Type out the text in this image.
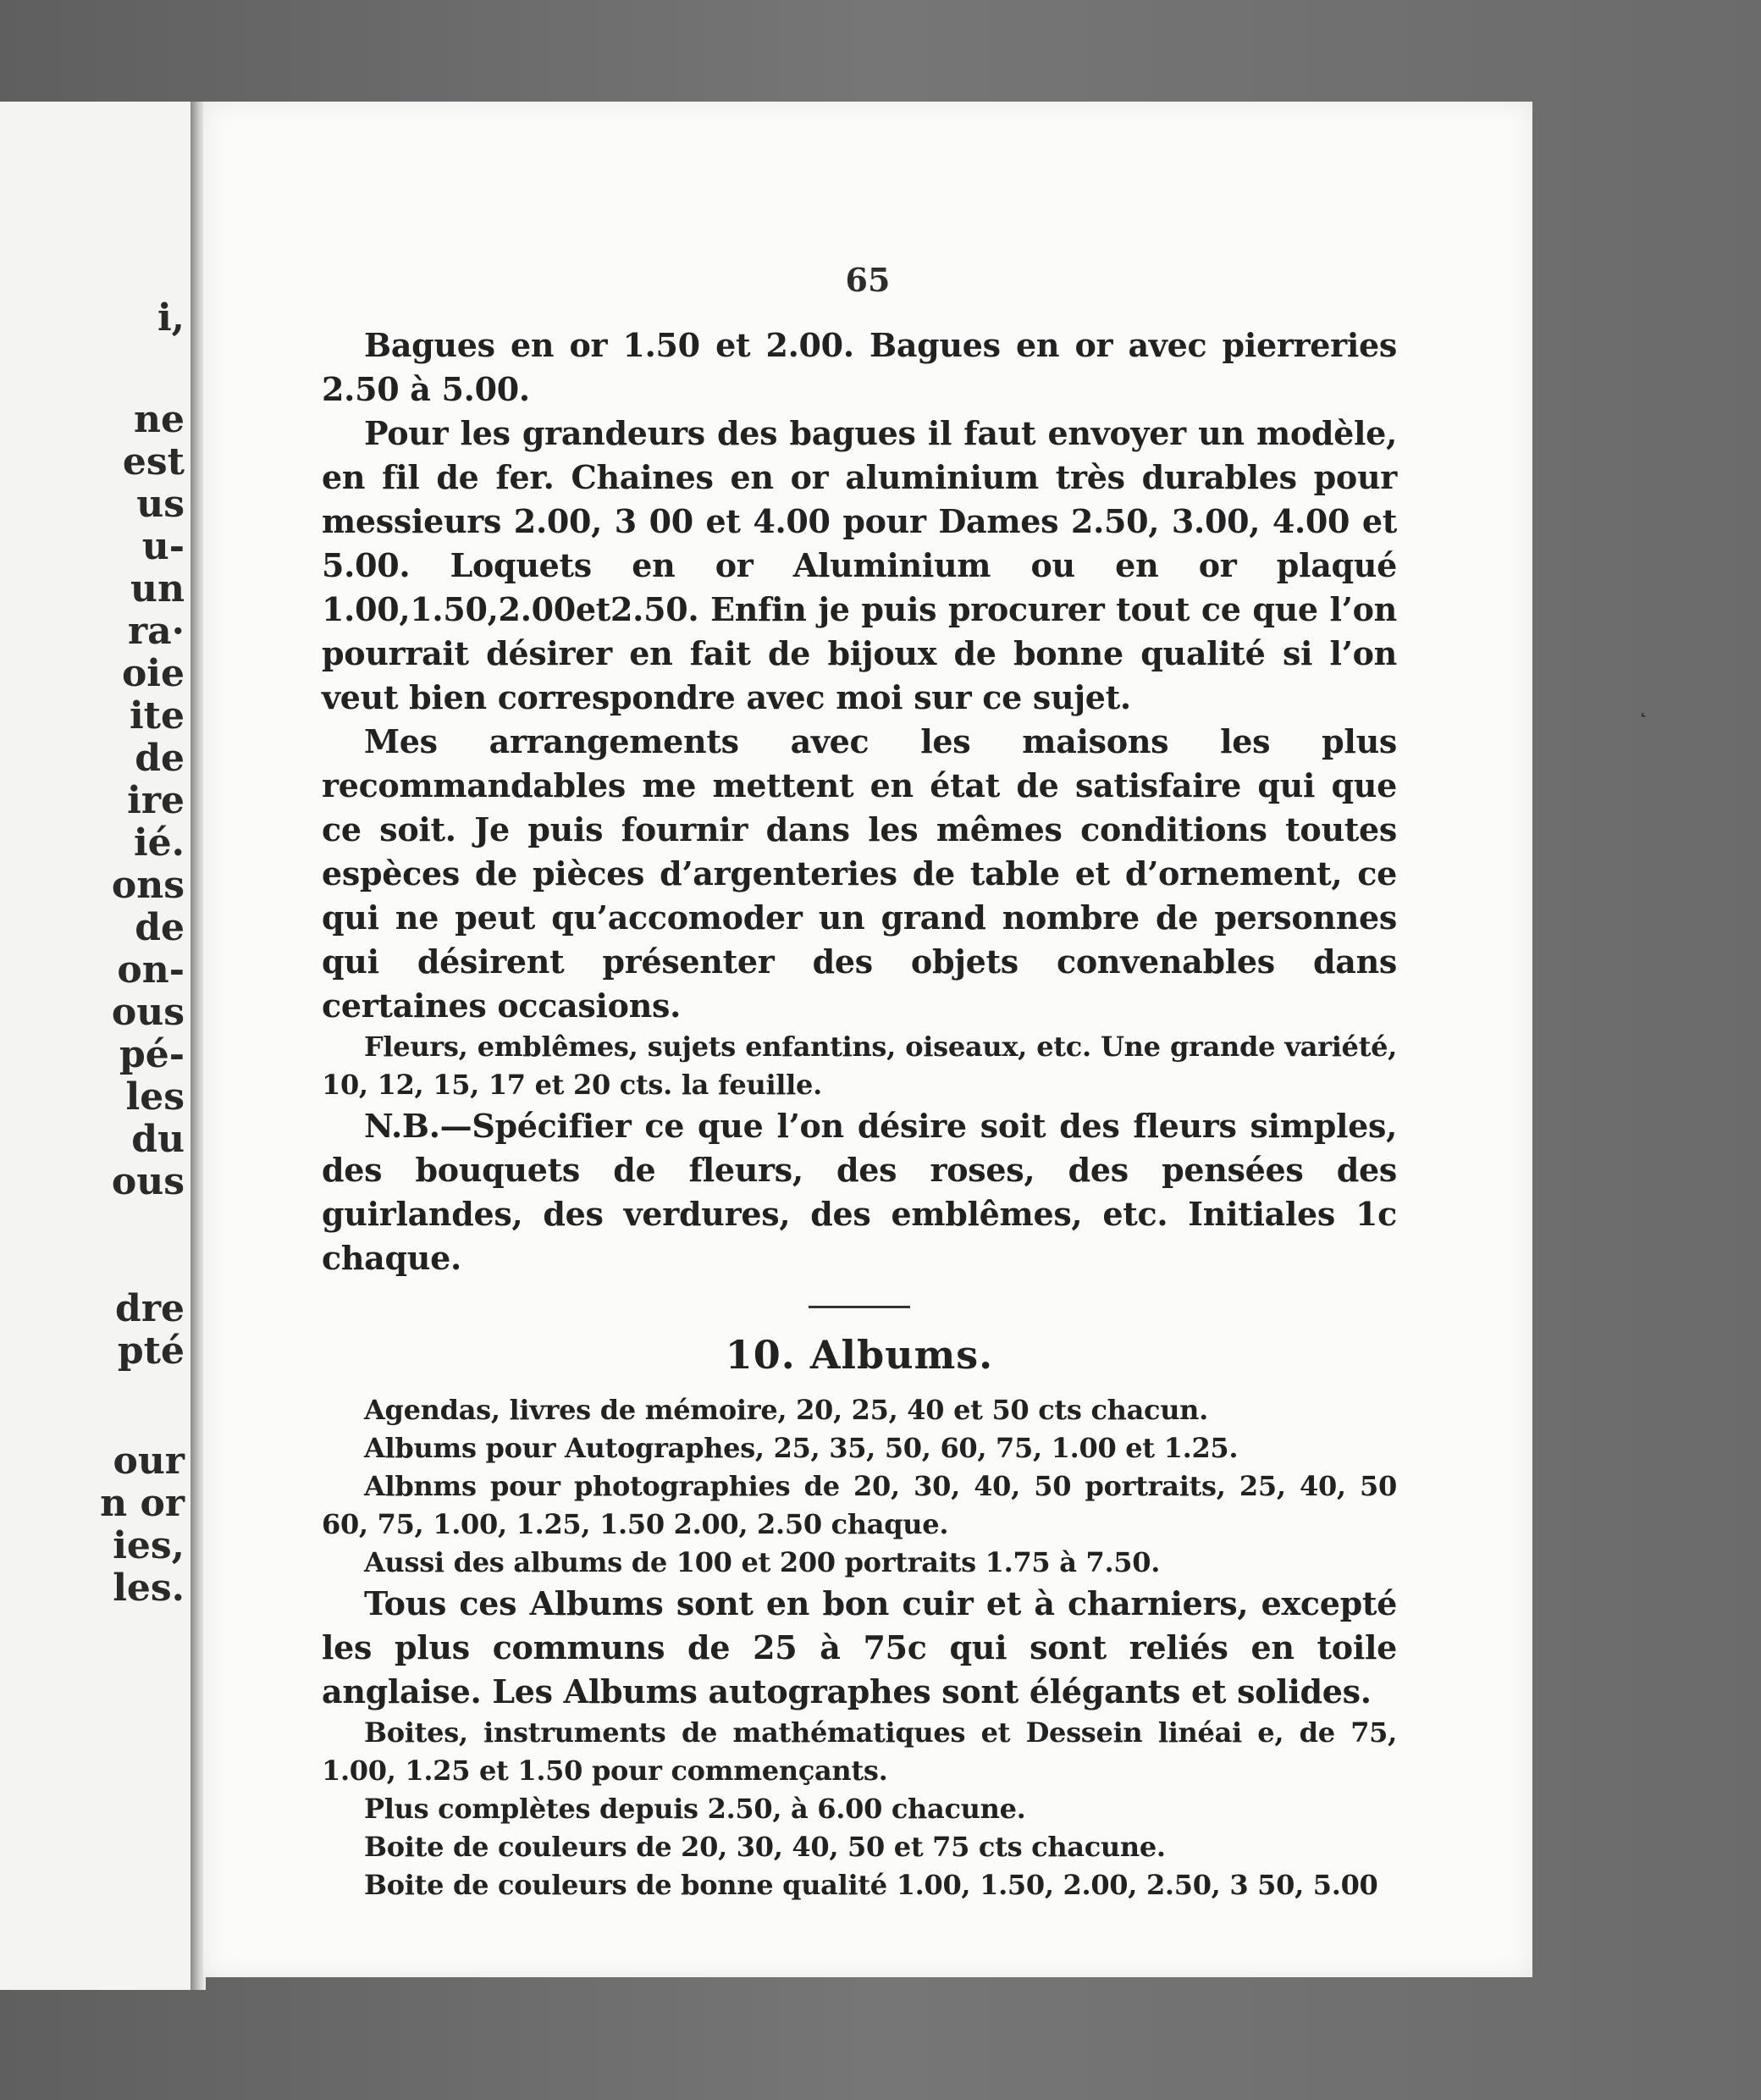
i,
ne
est
us
u-
un
ra·
oie
ite
de
ire
ié.
ons
de
on-
ous
pé-
les
du
ous
dre
pté
our
n or
ies,
les.
65

Bagues en or 1.50 et 2.00. Bagues en or avec pierreries 2.50 à 5.00.

Pour les grandeurs des bagues il faut envoyer un modèle, en fil de fer. Chaines en or aluminium très durables pour messieurs 2.00, 3 00 et 4.00 pour Dames 2.50, 3.00, 4.00 et 5.00. Loquets en or Aluminium ou en or plaqué 1.00,1.50,2.00et2.50. Enfin je puis procurer tout ce que l’on pourrait désirer en fait de bijoux de bonne qualité si l’on veut bien correspondre avec moi sur ce sujet.

Mes arrangements avec les maisons les plus recommandables me mettent en état de satisfaire qui que ce soit. Je puis fournir dans les mêmes conditions toutes espèces de pièces d’argenteries de table et d’ornement, ce qui ne peut qu’accomoder un grand nombre de personnes qui désirent présenter des objets convenables dans certaines occasions.

Fleurs, emblêmes, sujets enfantins, oiseaux, etc. Une grande variété, 10, 12, 15, 17 et 20 cts. la feuille.

N.B.—Spécifier ce que l’on désire soit des fleurs simples, des bouquets de fleurs, des roses, des pensées des guirlandes, des verdures, des emblêmes, etc. Initiales 1c chaque.

10. Albums.

Agendas, livres de mémoire, 20, 25, 40 et 50 cts chacun.

Albums pour Autographes, 25, 35, 50, 60, 75, 1.00 et 1.25.

Albnms pour photographies de 20, 30, 40, 50 portraits, 25, 40, 50 60, 75, 1.00, 1.25, 1.50 2.00, 2.50 chaque.

Aussi des albums de 100 et 200 portraits 1.75 à 7.50.

Tous ces Albums sont en bon cuir et à charniers, excepté les plus communs de 25 à 75c qui sont reliés en toile anglaise. Les Albums autographes sont élégants et solides.

Boites, instruments de mathématiques et Dessein linéai e, de 75, 1.00, 1.25 et 1.50 pour commençants.

Plus complètes depuis 2.50, à 6.00 chacune.

Boite de couleurs de 20, 30, 40, 50 et 75 cts chacune.

Boite de couleurs de bonne qualité 1.00, 1.50, 2.00, 2.50, 3 50, 5.00

˛
